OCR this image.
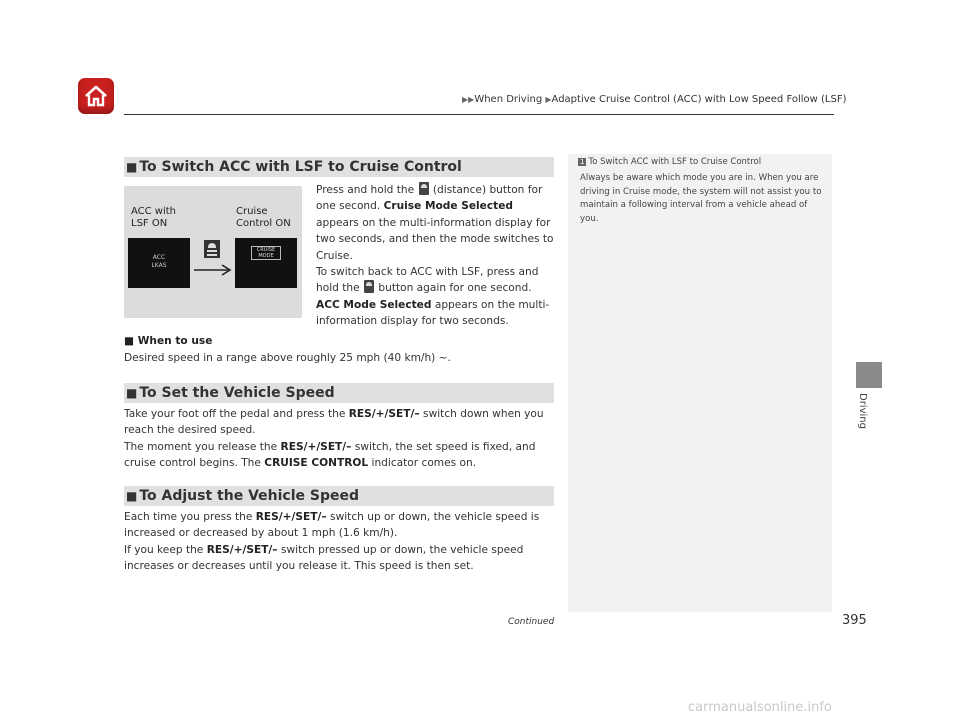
▶▶When Driving ▶Adaptive Cruise Control (ACC) with Low Speed Follow (LSF)
Driving
■ To Switch ACC with LSF to Cruise Control
ACC with
LSF ON
Cruise
Control ON
ACC
LKAS
CRUISE
MODE
Press and hold the (distance) button for one second. Cruise Mode Selected appears on the multi-information display for two seconds, and then the mode switches to Cruise.
To switch back to ACC with LSF, press and hold the button again for one second. ACC Mode Selected appears on the multi-information display for two seconds.
■ When to use
Desired speed in a range above roughly 25 mph (40 km/h) ~.
■ To Set the Vehicle Speed
Take your foot off the pedal and press the RES/+/SET/– switch down when you reach the desired speed.
The moment you release the RES/+/SET/– switch, the set speed is fixed, and cruise control begins. The CRUISE CONTROL indicator comes on.
■ To Adjust the Vehicle Speed
Each time you press the RES/+/SET/– switch up or down, the vehicle speed is increased or decreased by about 1 mph (1.6 km/h).
If you keep the RES/+/SET/– switch pressed up or down, the vehicle speed increases or decreases until you release it. This speed is then set.
1 To Switch ACC with LSF to Cruise Control
Always be aware which mode you are in. When you are driving in Cruise mode, the system will not assist you to maintain a following interval from a vehicle ahead of you.
Continued	395
carmanualsonline.info
